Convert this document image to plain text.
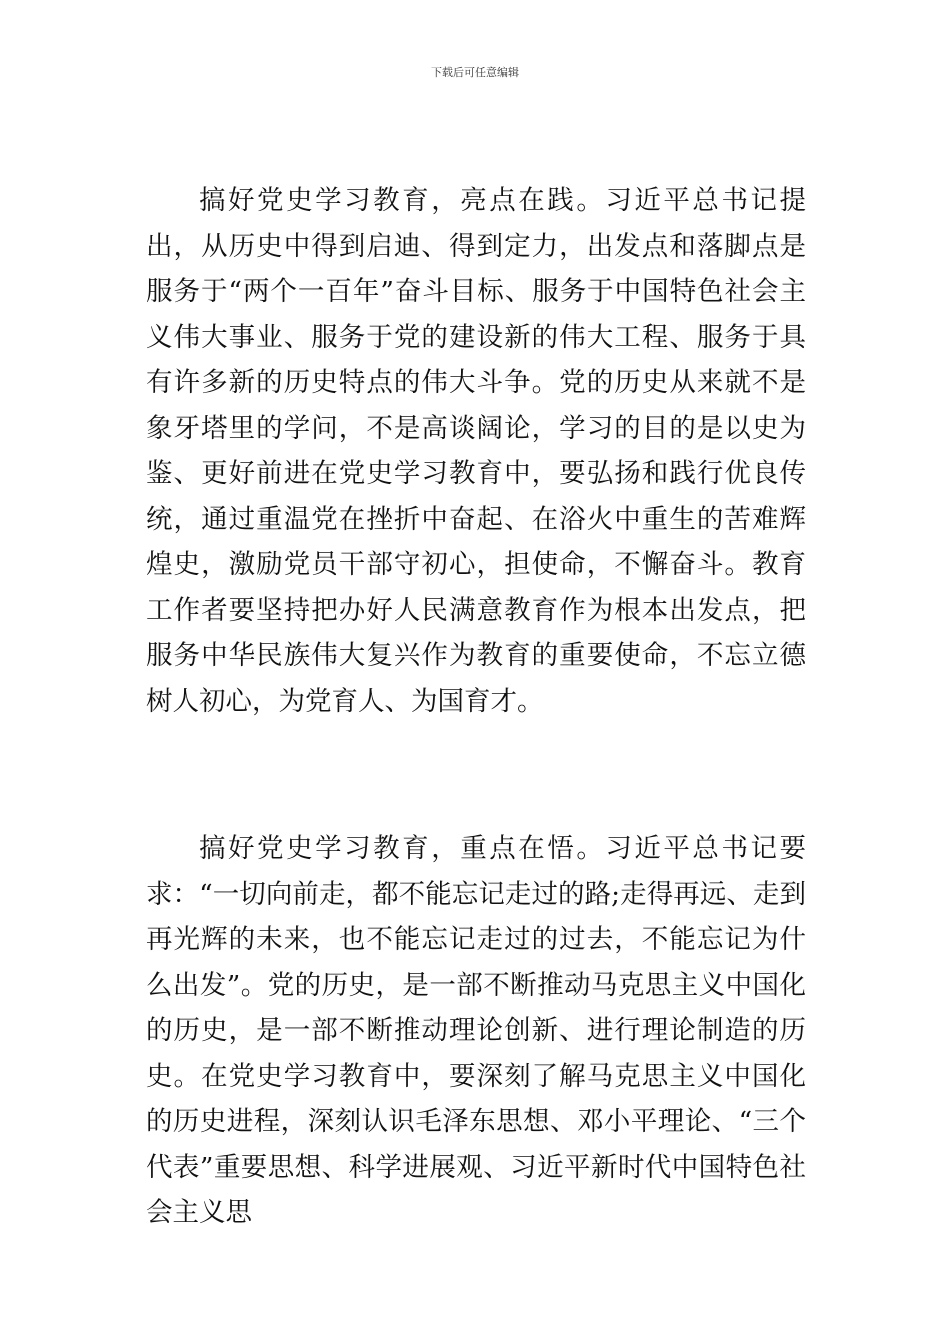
下载后可任意编辑

搞好党史学习教育，亮点在践。习近平总书记提出，从历史中得到启迪、得到定力，出发点和落脚点是服务于“两个一百年”奋斗目标、服务于中国特色社会主义伟大事业、服务于党的建设新的伟大工程、服务于具有许多新的历史特点的伟大斗争。党的历史从来就不是象牙塔里的学问，不是高谈阔论，学习的目的是以史为鉴、更好前进在党史学习教育中，要弘扬和践行优良传统，通过重温党在挫折中奋起、在浴火中重生的苦难辉煌史，激励党员干部守初心，担使命，不懈奋斗。教育工作者要坚持把办好人民满意教育作为根本出发点，把服务中华民族伟大复兴作为教育的重要使命，不忘立德树人初心，为党育人、为国育才。

搞好党史学习教育，重点在悟。习近平总书记要求：“一切向前走，都不能忘记走过的路;走得再远、走到再光辉的未来，也不能忘记走过的过去，不能忘记为什么出发”。党的历史，是一部不断推动马克思主义中国化的历史，是一部不断推动理论创新、进行理论制造的历史。在党史学习教育中，要深刻了解马克思主义中国化的历史进程，深刻认识毛泽东思想、邓小平理论、“三个代表”重要思想、科学进展观、习近平新时代中国特色社会主义思
